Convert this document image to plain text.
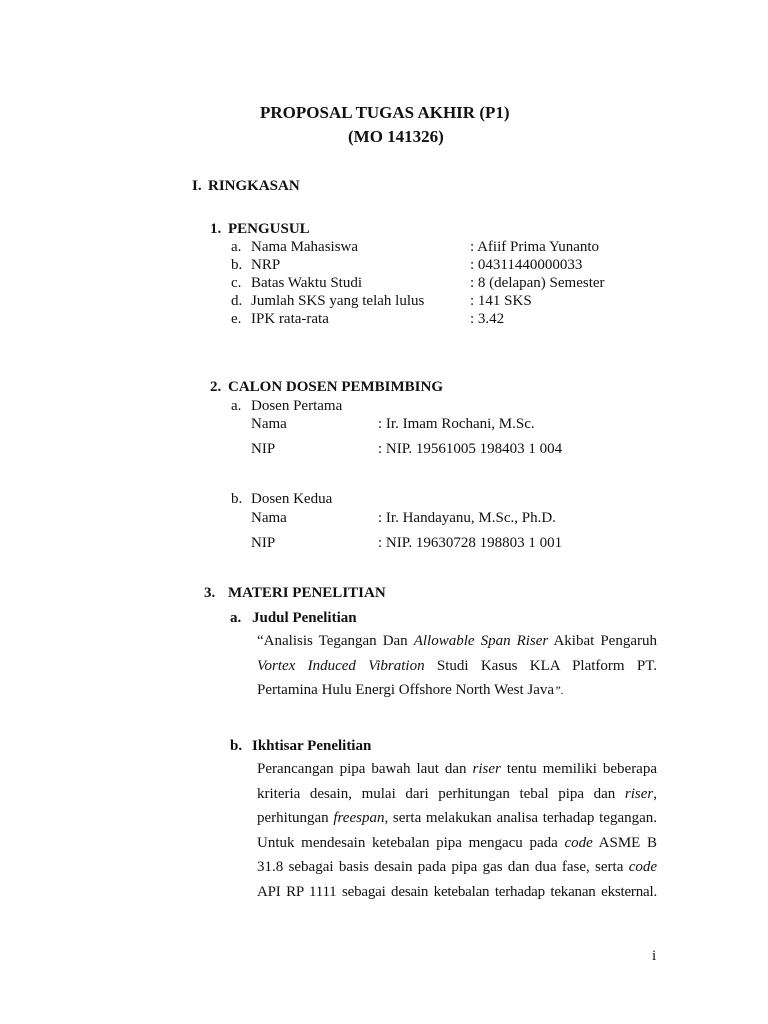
PROPOSAL TUGAS AKHIR (P1)
(MO 141326)
I. RINGKASAN
1. PENGUSUL
a. Nama Mahasiswa	: Afiif Prima Yunanto
b. NRP	: 04311440000033
c. Batas Waktu Studi	: 8 (delapan) Semester
d. Jumlah SKS yang telah lulus	: 141 SKS
e. IPK rata-rata	: 3.42
2. CALON DOSEN PEMBIMBING
a. Dosen Pertama
Nama	: Ir. Imam Rochani, M.Sc.
NIP	: NIP. 19561005 198403 1 004
b. Dosen Kedua
Nama	: Ir. Handayanu, M.Sc., Ph.D.
NIP	: NIP. 19630728 198803 1 001
3. MATERI PENELITIAN
a. Judul Penelitian
“Analisis Tegangan Dan Allowable Span Riser Akibat Pengaruh
Vortex Induced Vibration Studi Kasus KLA Platform PT.
Pertamina Hulu Energi Offshore North West Java”.
b. Ikhtisar Penelitian
Perancangan pipa bawah laut dan riser tentu memiliki beberapa
kriteria desain, mulai dari perhitungan tebal pipa dan riser,
perhitungan freespan, serta melakukan analisa terhadap tegangan.
Untuk mendesain ketebalan pipa mengacu pada code ASME B
31.8 sebagai basis desain pada pipa gas dan dua fase, serta code
API RP 1111 sebagai desain ketebalan terhadap tekanan eksternal.
i
